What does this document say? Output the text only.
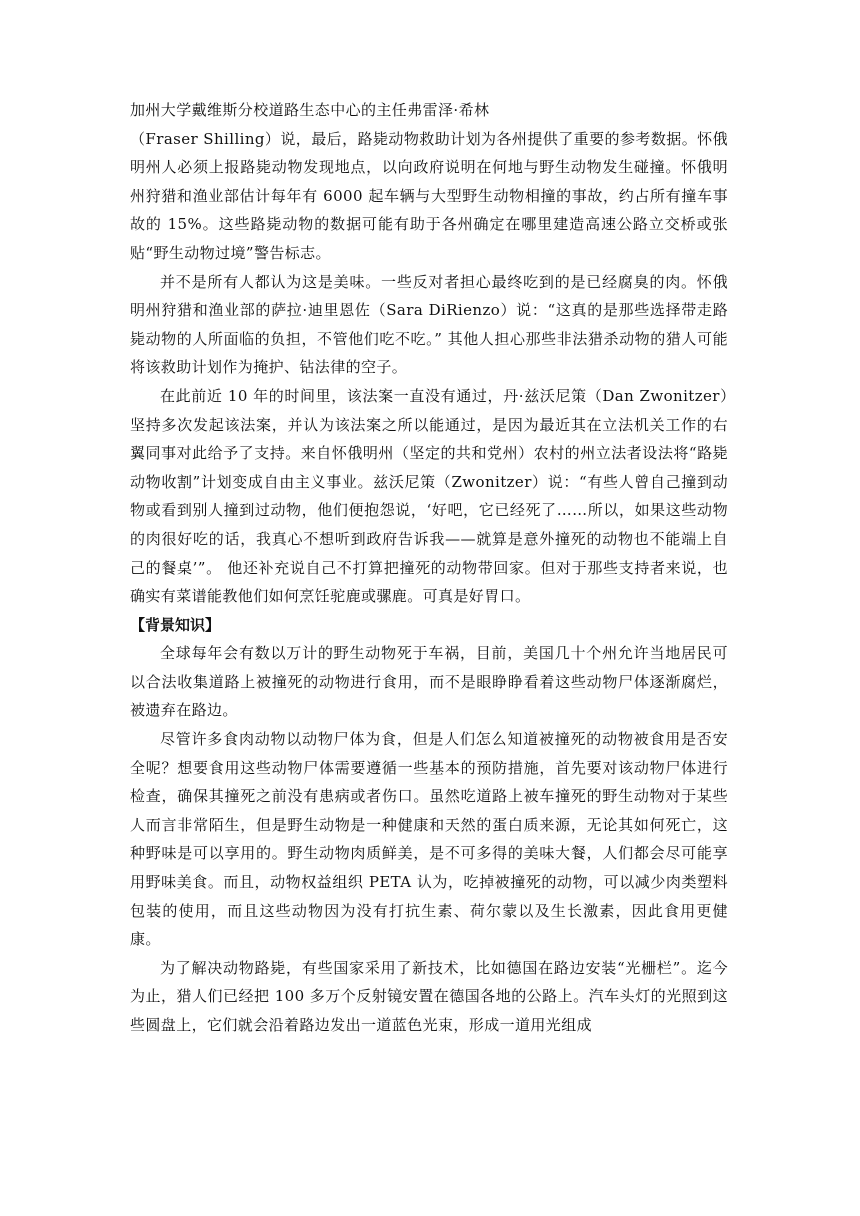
加州大学戴维斯分校道路生态中心的主任弗雷泽·希林

（Fraser Shilling）说，最后，路毙动物救助计划为各州提供了重要的参考数据。怀俄明州人必须上报路毙动物发现地点，以向政府说明在何地与野生动物发生碰撞。怀俄明州狩猎和渔业部估计每年有 6000 起车辆与大型野生动物相撞的事故，约占所有撞车事故的 15%。这些路毙动物的数据可能有助于各州确定在哪里建造高速公路立交桥或张贴“野生动物过境”警告标志。

并不是所有人都认为这是美味。一些反对者担心最终吃到的是已经腐臭的肉。怀俄明州狩猎和渔业部的萨拉·迪里恩佐（Sara DiRienzo）说：“这真的是那些选择带走路毙动物的人所面临的负担，不管他们吃不吃。” 其他人担心那些非法猎杀动物的猎人可能将该救助计划作为掩护、钻法律的空子。

在此前近 10 年的时间里，该法案一直没有通过，丹·兹沃尼策（Dan Zwonitzer）坚持多次发起该法案，并认为该法案之所以能通过，是因为最近其在立法机关工作的右翼同事对此给予了支持。来自怀俄明州（坚定的共和党州）农村的州立法者设法将“路毙动物收割”计划变成自由主义事业。兹沃尼策（Zwonitzer）说：“有些人曾自己撞到动物或看到别人撞到过动物，他们便抱怨说，‘好吧，它已经死了……所以，如果这些动物的肉很好吃的话，我真心不想听到政府告诉我——就算是意外撞死的动物也不能端上自己的餐桌’”。 他还补充说自己不打算把撞死的动物带回家。但对于那些支持者来说，也确实有菜谱能教他们如何烹饪驼鹿或骡鹿。可真是好胃口。

【背景知识】

全球每年会有数以万计的野生动物死于车祸，目前，美国几十个州允许当地居民可以合法收集道路上被撞死的动物进行食用，而不是眼睁睁看着这些动物尸体逐渐腐烂，被遗弃在路边。

尽管许多食肉动物以动物尸体为食，但是人们怎么知道被撞死的动物被食用是否安全呢？想要食用这些动物尸体需要遵循一些基本的预防措施，首先要对该动物尸体进行检查，确保其撞死之前没有患病或者伤口。虽然吃道路上被车撞死的野生动物对于某些人而言非常陌生，但是野生动物是一种健康和天然的蛋白质来源，无论其如何死亡，这种野味是可以享用的。野生动物肉质鲜美，是不可多得的美味大餐，人们都会尽可能享用野味美食。而且，动物权益组织 PETA 认为，吃掉被撞死的动物，可以减少肉类塑料包装的使用，而且这些动物因为没有打抗生素、荷尔蒙以及生长激素，因此食用更健康。

为了解决动物路毙，有些国家采用了新技术，比如德国在路边安装“光栅栏”。迄今为止，猎人们已经把 100 多万个反射镜安置在德国各地的公路上。汽车头灯的光照到这些圆盘上，它们就会沿着路边发出一道蓝色光束，形成一道用光组成
